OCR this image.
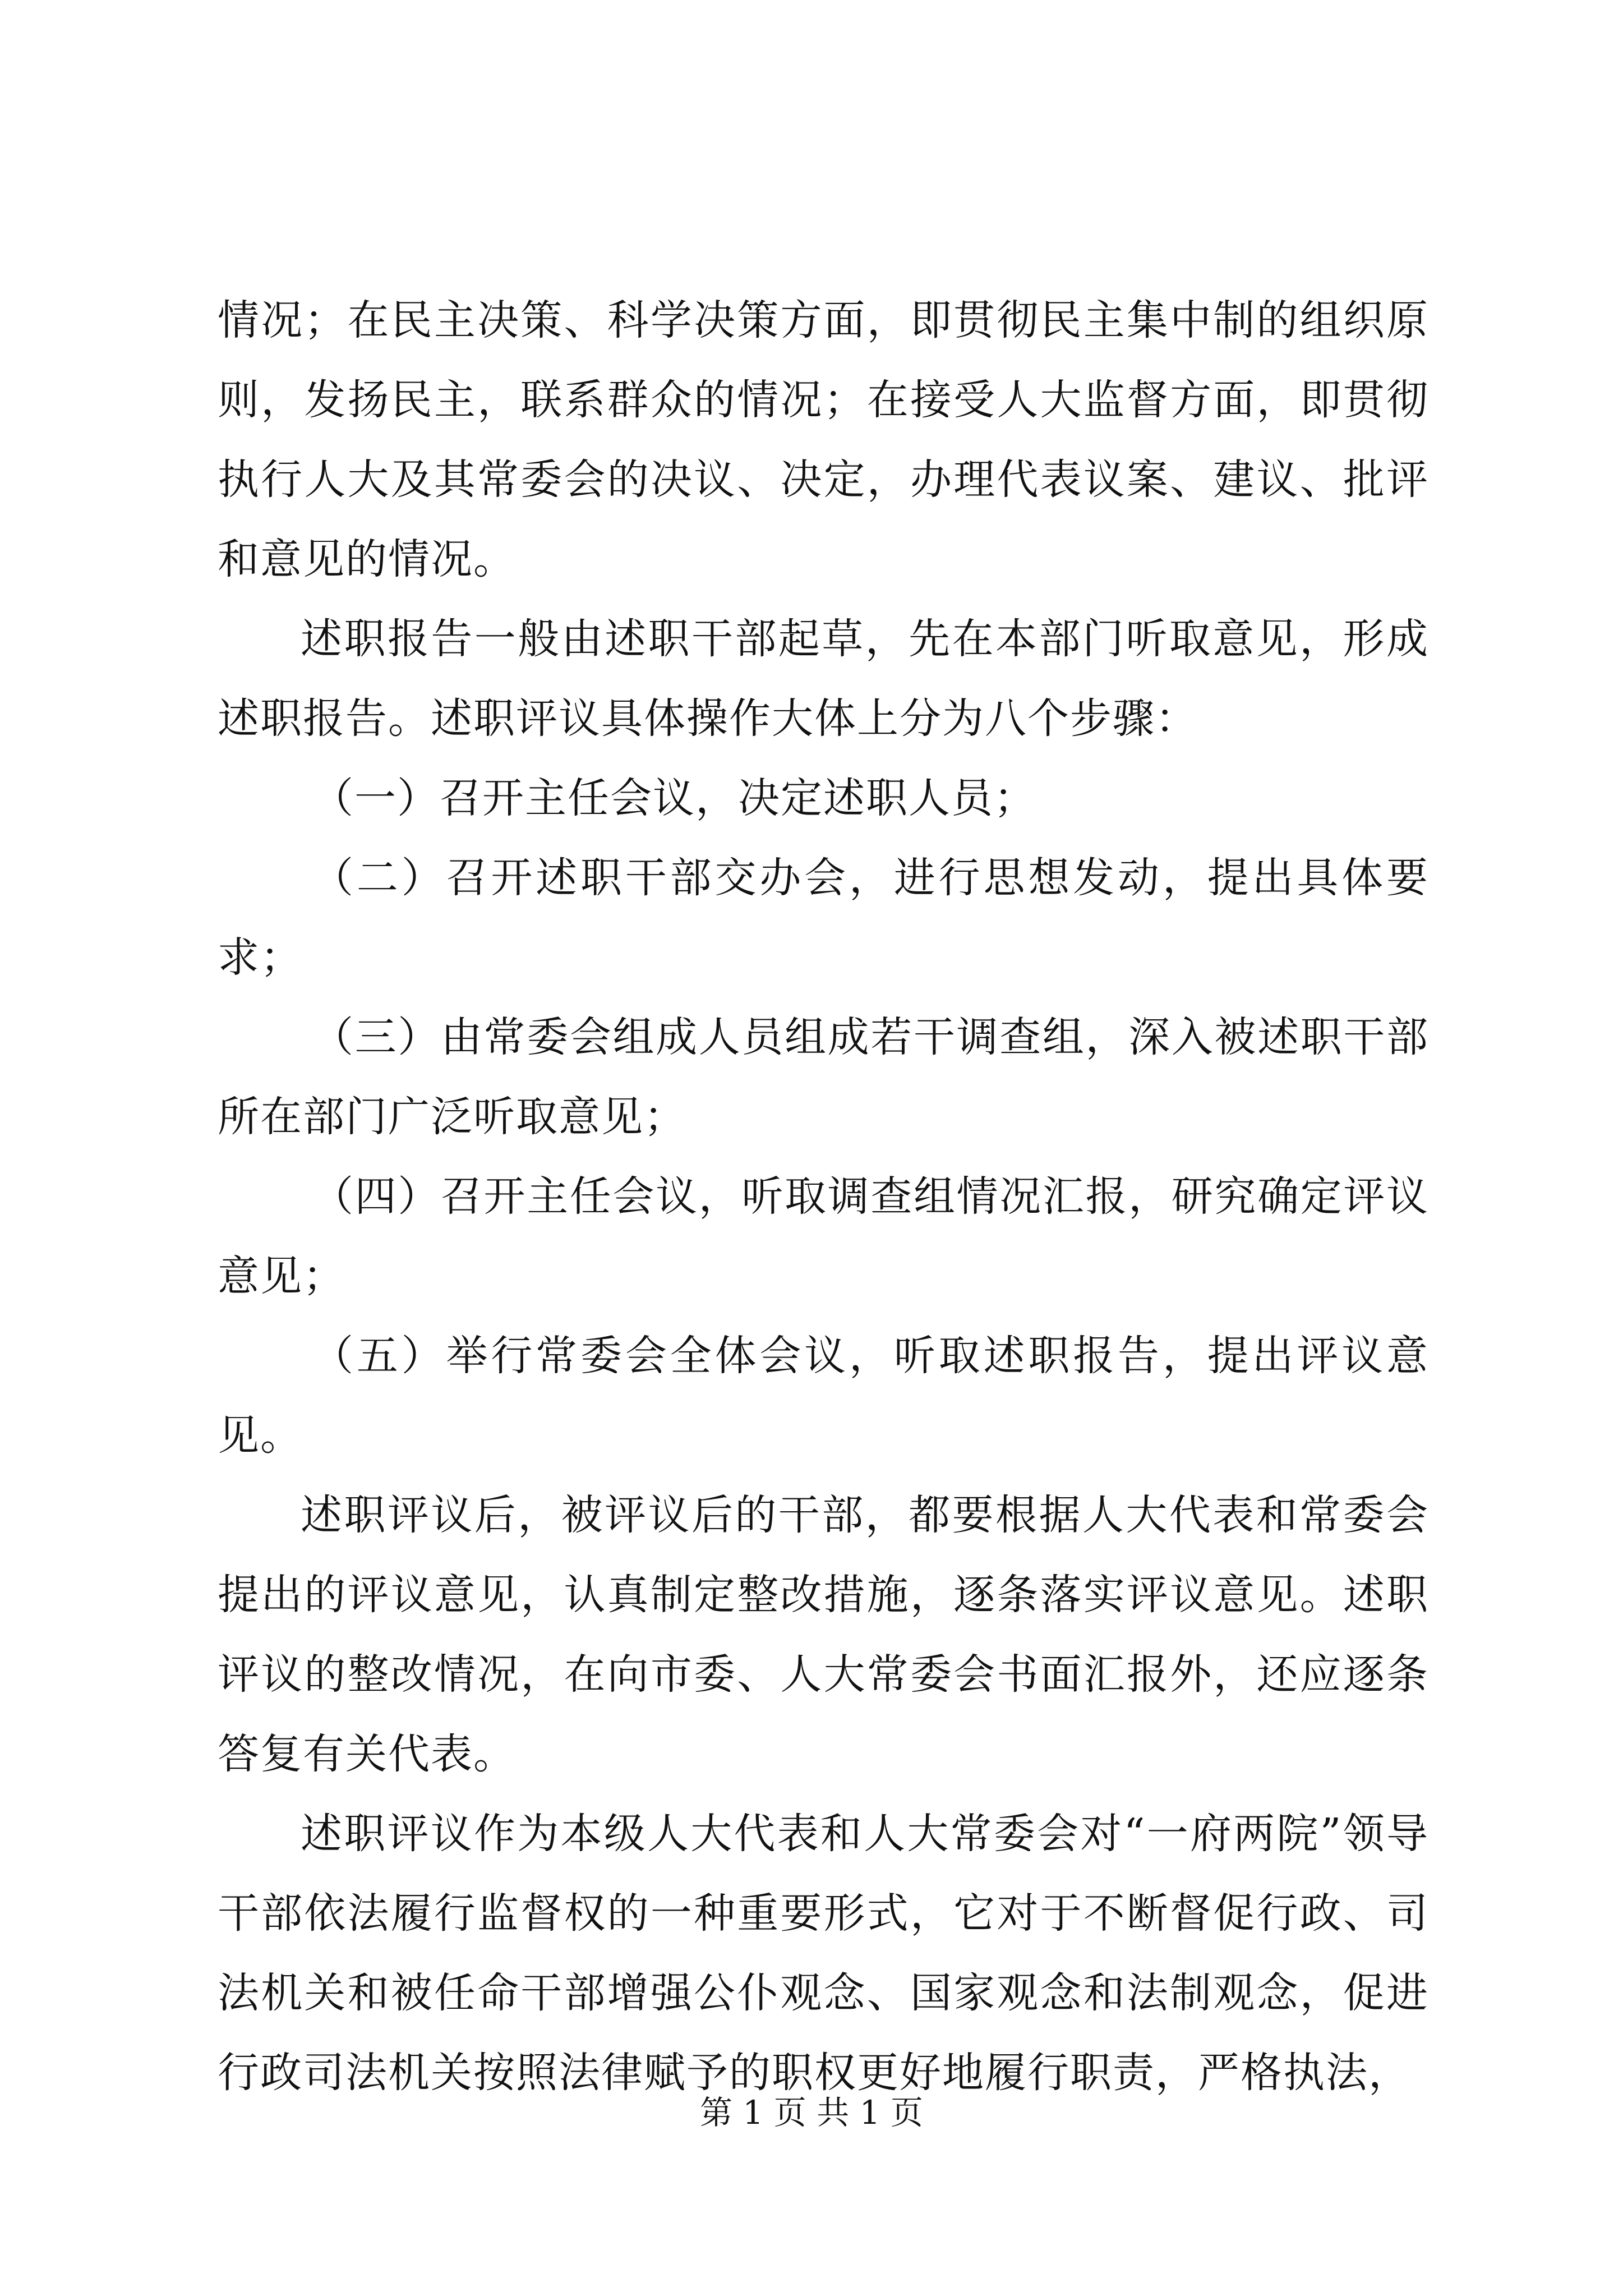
情况；在民主决策、科学决策方面，即贯彻民主集中制的组织原则，发扬民主，联系群众的情况；在接受人大监督方面，即贯彻执行人大及其常委会的决议、决定，办理代表议案、建议、批评和意见的情况。

述职报告一般由述职干部起草，先在本部门听取意见，形成述职报告。述职评议具体操作大体上分为八个步骤：

（一）召开主任会议，决定述职人员；

（二）召开述职干部交办会，进行思想发动，提出具体要求；

（三）由常委会组成人员组成若干调查组，深入被述职干部所在部门广泛听取意见；

（四）召开主任会议，听取调查组情况汇报，研究确定评议意见；

（五）举行常委会全体会议，听取述职报告，提出评议意见。

述职评议后，被评议后的干部，都要根据人大代表和常委会提出的评议意见，认真制定整改措施，逐条落实评议意见。述职评议的整改情况，在向市委、人大常委会书面汇报外，还应逐条答复有关代表。

述职评议作为本级人大代表和人大常委会对“一府两院”领导干部依法履行监督权的一种重要形式，它对于不断督促行政、司法机关和被任命干部增强公仆观念、国家观念和法制观念，促进行政司法机关按照法律赋予的职权更好地履行职责，严格执法，

第 1 页 共 1 页
